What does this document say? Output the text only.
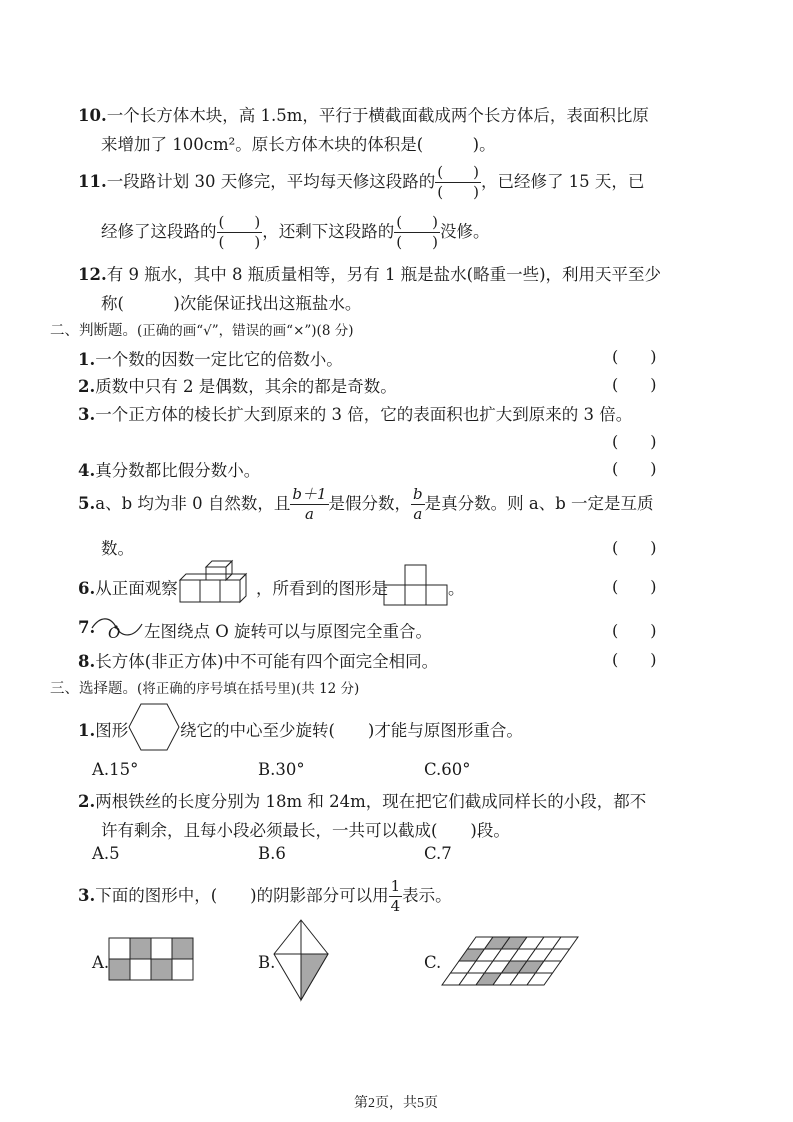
10.一个长方体木块，高 1.5m，平行于横截面截成两个长方体后，表面积比原
来增加了 100cm²。原长方体木块的体积是(　　　)。
11.一段路计划 30 天修完，平均每天修这段路的 $\frac{( )}{( )}$ ，已经修了 15 天，已
经修了这段路的 $\frac{( )}{( )}$ ，还剩下这段路的 $\frac{( )}{( )}$ 没修。
12.有 9 瓶水，其中 8 瓶质量相等，另有 1 瓶是盐水(略重一些)，利用天平至少
称(　　　)次能保证找出这瓶盐水。
二、判断题。(正确的画“√”，错误的画“×”)(8 分)
1.一个数的因数一定比它的倍数小。	(　　)
2.质数中只有 2 是偶数，其余的都是奇数。	(　　)
3.一个正方体的棱长扩大到原来的 3 倍，它的表面积也扩大到原来的 3 倍。
(　　)
4.真分数都比假分数小。	(　　)
5.a、b 均为非 0 自然数，且 $\frac{b+1}{a}$ 是假分数， $\frac{b}{a}$ 是真分数。则 a、b 一定是互质
数。	(　　)
6.从正面观察	，所看到的图形是	。	(　　)
7. O 左图绕点 O 旋转可以与原图完全重合。	(　　)
8.长方体(非正方体)中不可能有四个面完全相同。	(　　)
三、选择题。(将正确的序号填在括号里)(共 12 分)
1.图形	绕它的中心至少旋转(　　)才能与原图形重合。
A.15°	B.30°	C.60°
2.两根铁丝的长度分别为 18m 和 24m，现在把它们截成同样长的小段，都不
许有剩余，且每小段必须最长，一共可以截成(　　)段。
A.5	B.6	C.7
3.下面的图形中，(　　)的阴影部分可以用 $\frac{1}{4}$ 表示。
A.	B.	C.
第2页，共5页
